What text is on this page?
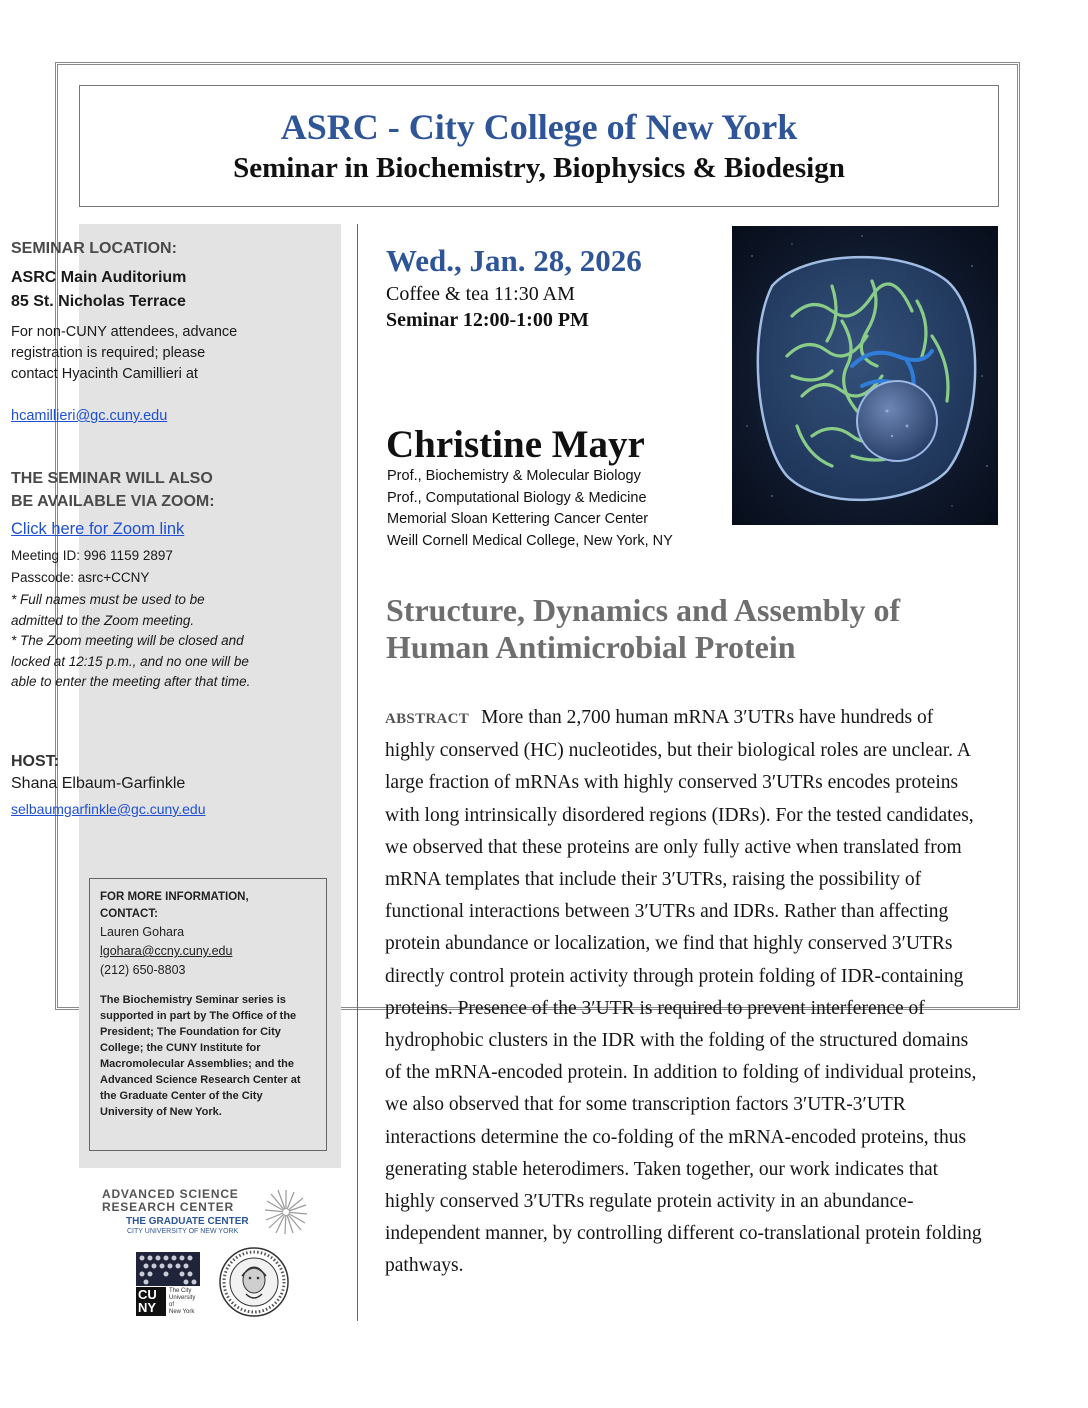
ASRC - City College of New York
Seminar in Biochemistry, Biophysics & Biodesign
SEMINAR LOCATION:
ASRC Main Auditorium
85 St. Nicholas Terrace
For non-CUNY attendees, advance registration is required; please contact Hyacinth Camillieri at
hcamillieri@gc.cuny.edu
THE SEMINAR WILL ALSO
BE AVAILABLE VIA ZOOM:
Click here for Zoom link
Meeting ID: 996 1159 2897
Passcode: asrc+CCNY
* Full names must be used to be admitted to the Zoom meeting.
* The Zoom meeting will be closed and locked at 12:15 p.m., and no one will be able to enter the meeting after that time.
HOST:
Shana Elbaum-Garfinkle
selbaumgarfinkle@gc.cuny.edu
FOR MORE INFORMATION,
CONTACT:
Lauren Gohara
lgohara@ccny.cuny.edu
(212) 650-8803
The Biochemistry Seminar series is supported in part by The Office of the President; The Foundation for City College; the CUNY Institute for Macromolecular Assemblies; and the Advanced Science Research Center at the Graduate Center of the City University of New York.
ADVANCED SCIENCE
RESEARCH CENTER
THE GRADUATE CENTER
CITY UNIVERSITY OF NEW YORK
CU
NY
The City
University
of
New York
Wed., Jan. 28, 2026
Coffee & tea 11:30 AM
Seminar 12:00-1:00 PM
Christine Mayr
Prof., Biochemistry & Molecular Biology
Prof., Computational Biology & Medicine
Memorial Sloan Kettering Cancer Center
Weill Cornell Medical College, New York, NY
Structure, Dynamics and Assembly of Human Antimicrobial Protein
ABSTRACT More than 2,700 human mRNA 3′UTRs have hundreds of highly conserved (HC) nucleotides, but their biological roles are unclear. A large fraction of mRNAs with highly conserved 3′UTRs encodes proteins with long intrinsically disordered regions (IDRs). For the tested candidates, we observed that these proteins are only fully active when translated from mRNA templates that include their 3′UTRs, raising the possibility of functional interactions between 3′UTRs and IDRs. Rather than affecting protein abundance or localization, we find that highly conserved 3′UTRs directly control protein activity through protein folding of IDR-containing proteins. Presence of the 3′UTR is required to prevent interference of hydrophobic clusters in the IDR with the folding of the structured domains of the mRNA-encoded protein. In addition to folding of individual proteins, we also observed that for some transcription factors 3′UTR-3′UTR interactions determine the co-folding of the mRNA-encoded proteins, thus generating stable heterodimers. Taken together, our work indicates that highly conserved 3′UTRs regulate protein activity in an abundance-independent manner, by controlling different co-translational protein folding pathways.
